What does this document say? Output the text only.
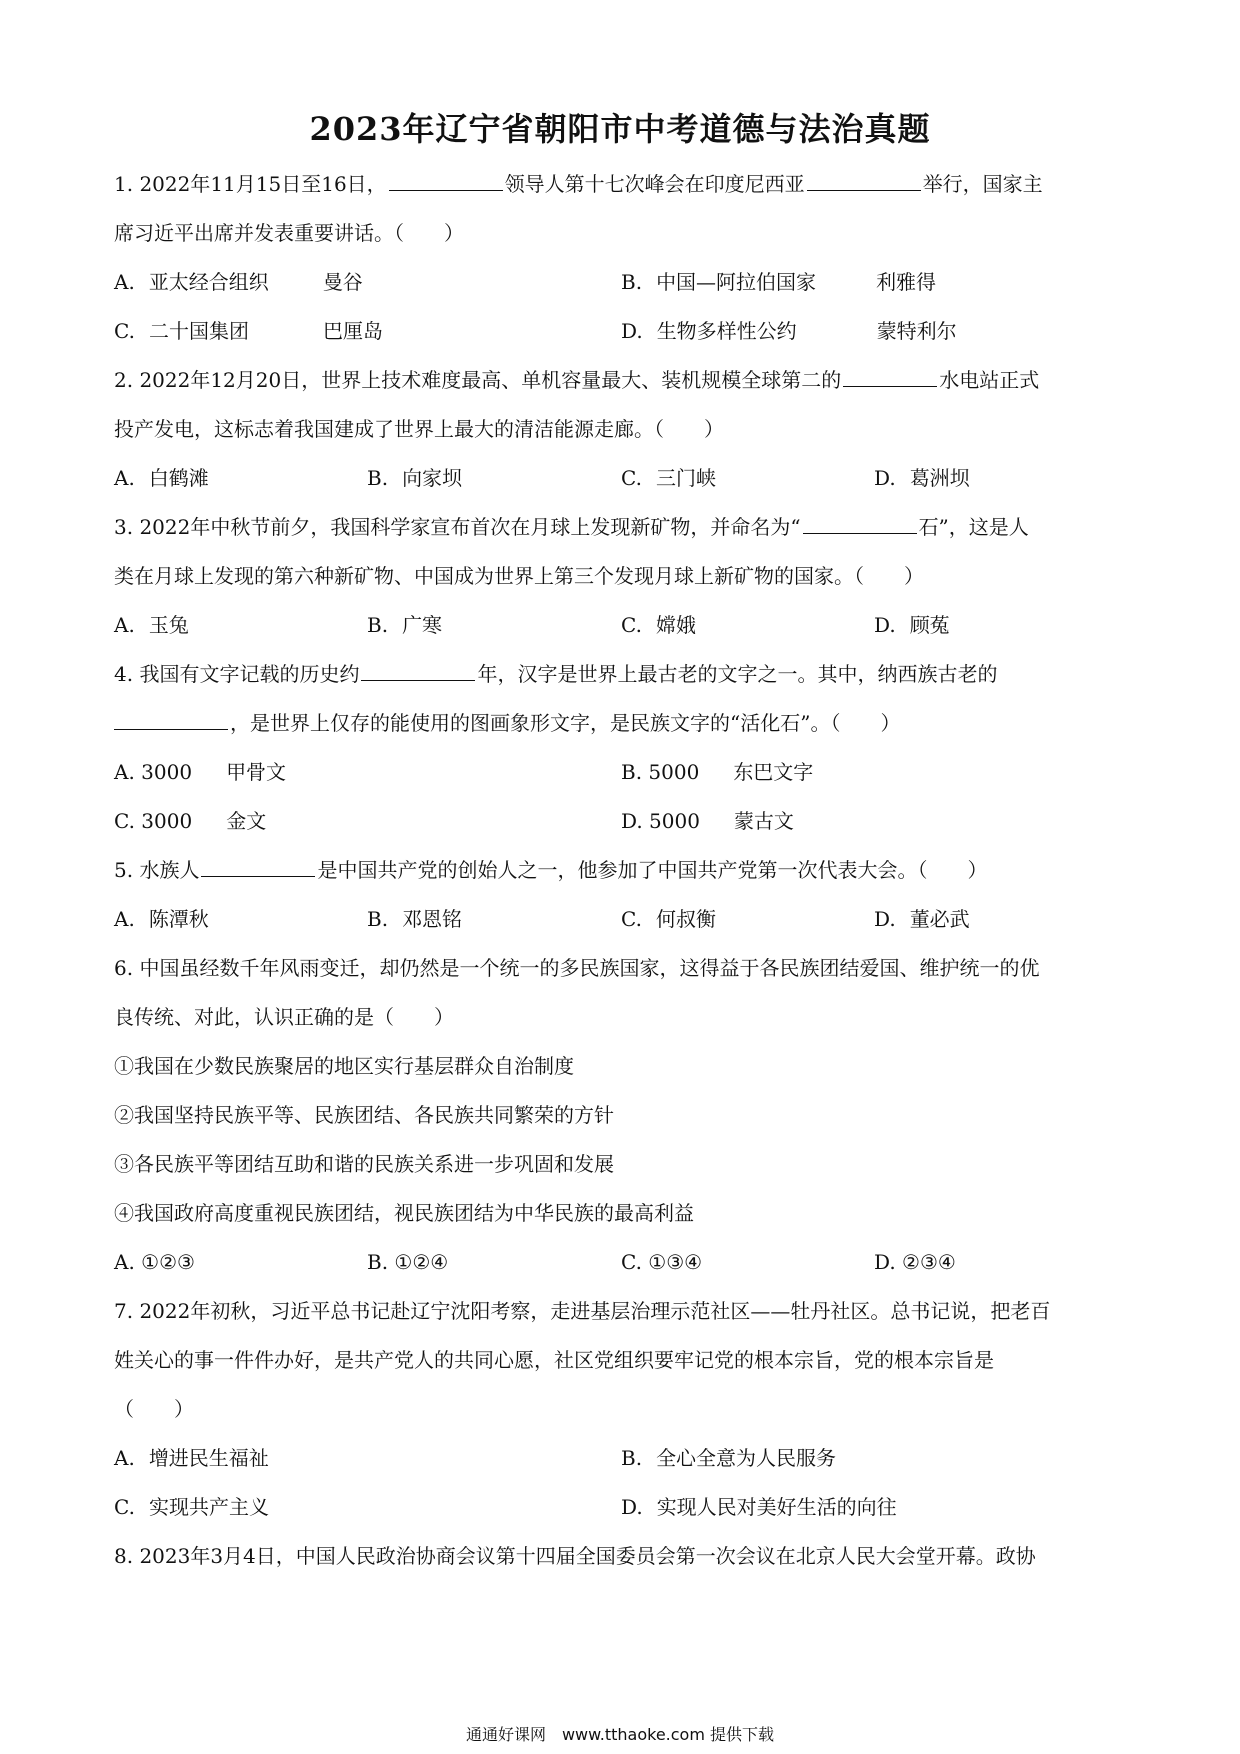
2023年辽宁省朝阳市中考道德与法治真题
1. 2022年11月15日至16日，	领导人第十七次峰会在印度尼西亚	举行，国家主
席习近平出席并发表重要讲话。（　　）
A. 亚太经合组织	曼谷	B. 中国—阿拉伯国家	利雅得
C. 二十国集团	巴厘岛	D. 生物多样性公约	蒙特利尔
2. 2022年12月20日，世界上技术难度最高、单机容量最大、装机规模全球第二的	水电站正式
投产发电，这标志着我国建成了世界上最大的清洁能源走廊。（　　）
A. 白鹤滩	B. 向家坝	C. 三门峡	D. 葛洲坝
3. 2022年中秋节前夕，我国科学家宣布首次在月球上发现新矿物，并命名为“	石”，这是人
类在月球上发现的第六种新矿物、中国成为世界上第三个发现月球上新矿物的国家。（　　）
A. 玉兔	B. 广寒	C. 嫦娥	D. 顾菟
4. 我国有文字记载的历史约	年，汉字是世界上最古老的文字之一。其中，纳西族古老的
，是世界上仅存的能使用的图画象形文字，是民族文字的“活化石”。（　　）
A. 3000 甲骨文	B. 5000 东巴文字
C. 3000 金文	D. 5000 蒙古文
5. 水族人	是中国共产党的创始人之一，他参加了中国共产党第一次代表大会。（　　）
A. 陈潭秋	B. 邓恩铭	C. 何叔衡	D. 董必武
6. 中国虽经数千年风雨变迁，却仍然是一个统一的多民族国家，这得益于各民族团结爱国、维护统一的优
良传统、对此，认识正确的是（　　）
①我国在少数民族聚居的地区实行基层群众自治制度
②我国坚持民族平等、民族团结、各民族共同繁荣的方针
③各民族平等团结互助和谐的民族关系进一步巩固和发展
④我国政府高度重视民族团结，视民族团结为中华民族的最高利益
A. ①②③	B. ①②④	C. ①③④	D. ②③④
7. 2022年初秋，习近平总书记赴辽宁沈阳考察，走进基层治理示范社区——牡丹社区。总书记说，把老百
姓关心的事一件件办好，是共产党人的共同心愿，社区党组织要牢记党的根本宗旨，党的根本宗旨是
（　　）
A. 增进民生福祉	B. 全心全意为人民服务
C. 实现共产主义	D. 实现人民对美好生活的向往
8. 2023年3月4日，中国人民政治协商会议第十四届全国委员会第一次会议在北京人民大会堂开幕。政协
通通好课网　www.tthaoke.com 提供下载
